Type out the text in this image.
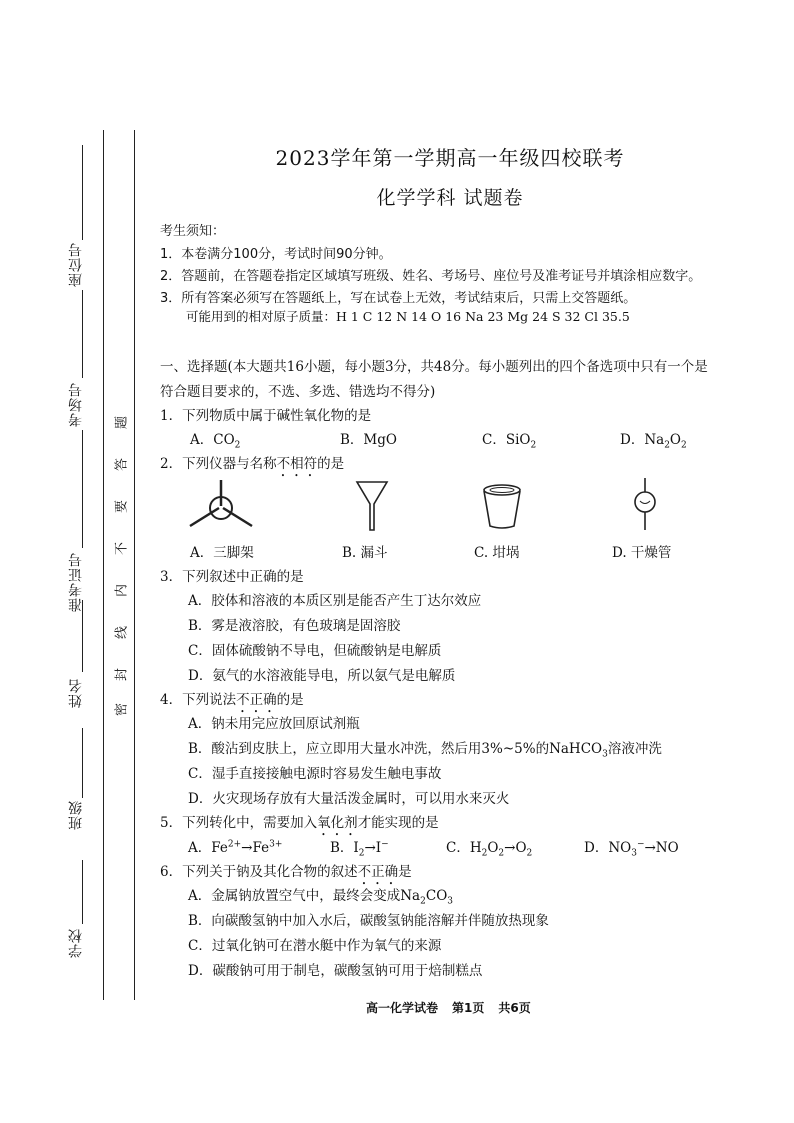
座位号
考场号
准考证号
姓名
班级
学校
题
答
要
不
内
线
封
密
2023学年第一学期高一年级四校联考
化学学科 试题卷
考生须知：
1．本卷满分100分，考试时间90分钟。
2．答题前，在答题卷指定区域填写班级、姓名、考场号、座位号及准考证号并填涂相应数字。
3．所有答案必须写在答题纸上，写在试卷上无效，考试结束后，只需上交答题纸。
可能用到的相对原子质量：H 1 C 12 N 14 O 16 Na 23 Mg 24 S 32 Cl 35.5
一、选择题(本大题共16小题，每小题3分，共48分。每小题列出的四个备选项中只有一个是
符合题目要求的，不选、多选、错选均不得分)
1．下列物质中属于碱性氧化物的是
A．$CO_2$	B．MgO	C．SiO$_2$	D．$Na_2O_2$
2．下列仪器与名称不相符的是
A．三脚架	B. 漏斗	C. 坩埚	D. 干燥管
3．下列叙述中正确的是
A．胶体和溶液的本质区别是能否产生丁达尔效应
B．雾是液溶胶，有色玻璃是固溶胶
C．固体硫酸钠不导电，但硫酸钠是电解质
D．氨气的水溶液能导电，所以氨气是电解质
4．下列说法不正确的是
A．钠未用完应放回原试剂瓶
B．酸沾到皮肤上，应立即用大量水冲洗，然后用3%~5%的NaHCO$_3$溶液冲洗
C．湿手直接接触电源时容易发生触电事故
D．火灾现场存放有大量活泼金属时，可以用水来灭火
5．下列转化中，需要加入氧化剂才能实现的是
A．$Fe^{2+}\to Fe^{3+}$	B．$I_2\to I^-$	C．$H_2O_2\to O_2$	D．$NO_3^-\to NO$
6．下列关于钠及其化合物的叙述不正确是
A．金属钠放置空气中，最终会变成$Na_2CO_3$
B．向碳酸氢钠中加入水后，碳酸氢钠能溶解并伴随放热现象
C．过氧化钠可在潜水艇中作为氧气的来源
D．碳酸钠可用于制皂，碳酸氢钠可用于焙制糕点
高一化学试卷 第1页 共6页
